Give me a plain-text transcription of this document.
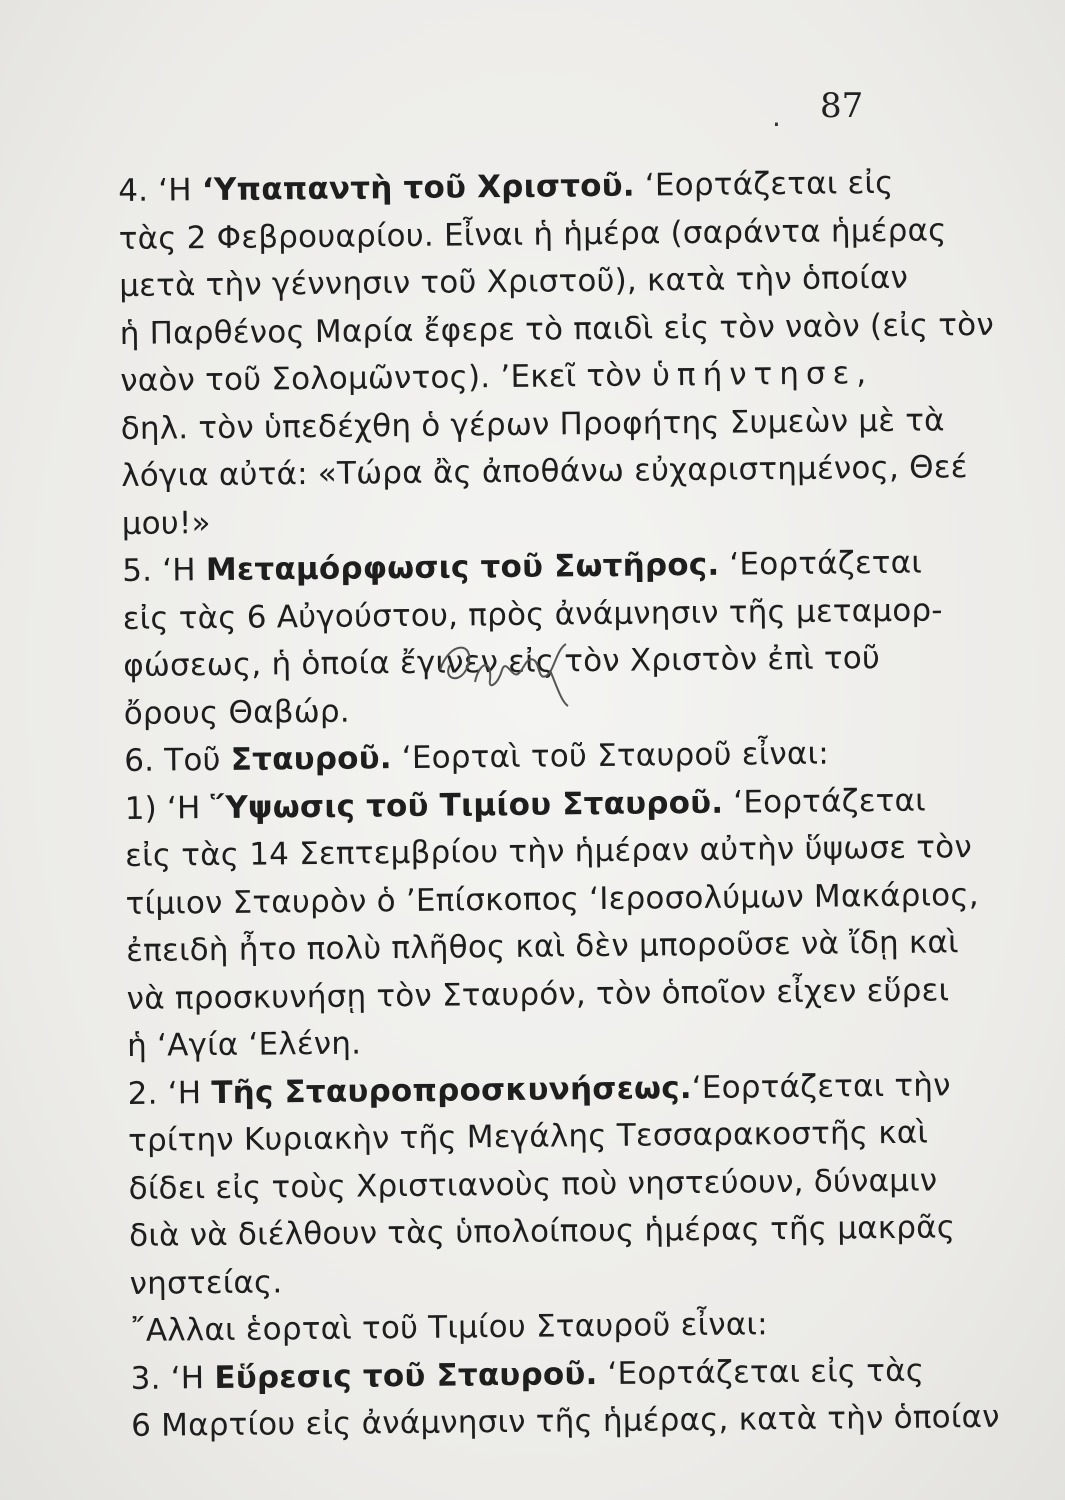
. 87
4. ‘Η ‘Υπαπαντὴ τοῦ Χριστοῦ. ‘Εορτάζεται εἰς
τὰς 2 Φεβρουαρίου. Εἶναι ἡ ἡμέρα (σαράντα ἡμέρας
μετὰ τὴν γέννησιν τοῦ Χριστοῦ), κατὰ τὴν ὁποίαν
ἡ Παρθένος Μαρία ἔφερε τὸ παιδὶ εἰς τὸν ναὸν (εἰς τὸν
ναὸν τοῦ Σολομῶντος). ’Εκεῖ τὸν ὑπήντησε,
δηλ. τὸν ὑπεδέχθη ὁ γέρων Προφήτης Συμεὼν μὲ τὰ
λόγια αὐτά: «Τώρα ἂς ἀποθάνω εὐχαριστημένος, Θεέ
μου!»
5. ‘Η Μεταμόρφωσις τοῦ Σωτῆρος. ‘Εορτάζεται
εἰς τὰς 6 Αὐγούστου, πρὸς ἀνάμνησιν τῆς μεταμορ-
φώσεως, ἡ ὁποία ἔγινεν εἰς τὸν Χριστὸν ἐπὶ τοῦ
ὄρους Θαβώρ.
6. Τοῦ Σταυροῦ. ‘Εορταὶ τοῦ Σταυροῦ εἶναι:
1) ‘Η Ὕψωσις τοῦ Τιμίου Σταυροῦ. ‘Εορτάζεται
εἰς τὰς 14 Σεπτεμβρίου τὴν ἡμέραν αὐτὴν ὕψωσε τὸν
τίμιον Σταυρὸν ὁ ’Επίσκοπος ‘Ιεροσολύμων Μακάριος,
ἐπειδὴ ἦτο πολὺ πλῆθος καὶ δὲν μποροῦσε νὰ ἴδῃ καὶ
νὰ προσκυνήσῃ τὸν Σταυρόν, τὸν ὁποῖον εἶχεν εὕρει
ἡ ‘Αγία ‘Ελένη.
2. ‘Η Τῆς Σταυροπροσκυνήσεως.‘Εορτάζεται τὴν
τρίτην Κυριακὴν τῆς Μεγάλης Τεσσαρακοστῆς καὶ
δίδει εἰς τοὺς Χριστιανοὺς ποὺ νηστεύουν, δύναμιν
διὰ νὰ διέλθουν τὰς ὑπολοίπους ἡμέρας τῆς μακρᾶς
νηστείας.
῎Αλλαι ἑορταὶ τοῦ Τιμίου Σταυροῦ εἶναι:
3. ‘Η Εὕρεσις τοῦ Σταυροῦ. ‘Εορτάζεται εἰς τὰς
6 Μαρτίου εἰς ἀνάμνησιν τῆς ἡμέρας, κατὰ τὴν ὁποίαν
